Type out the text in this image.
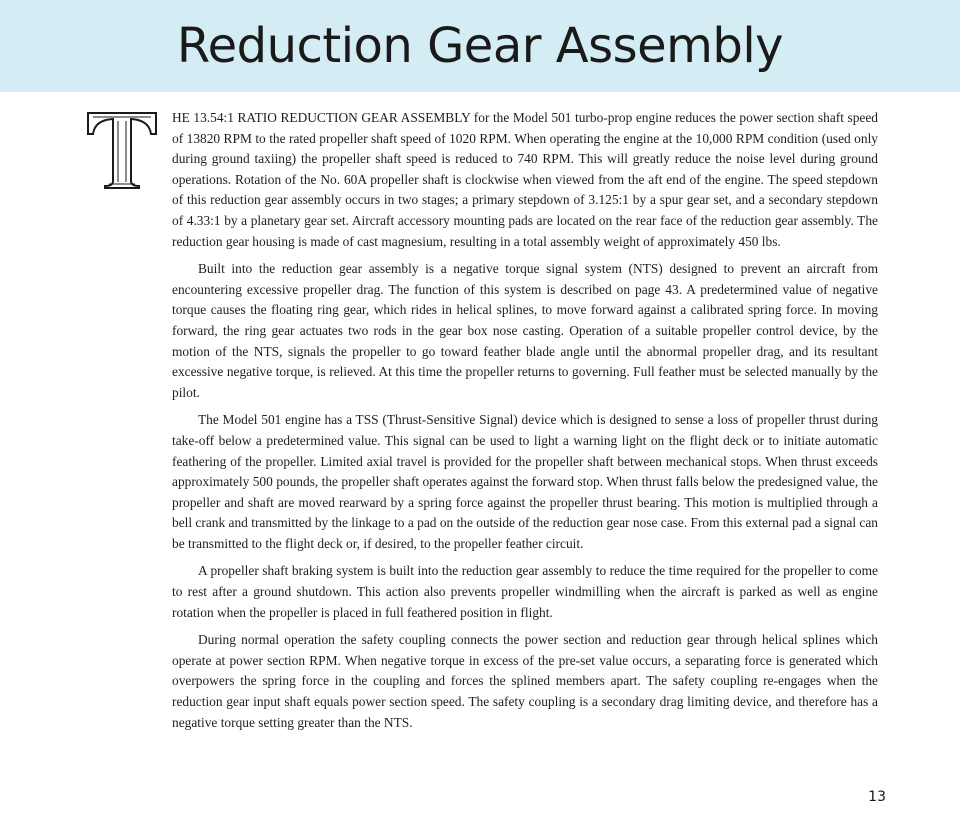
Reduction Gear Assembly

HE 13.54:1 RATIO REDUCTION GEAR ASSEMBLY for the Model 501 turbo-prop engine reduces the power section shaft speed of 13820 RPM to the rated propeller shaft speed of 1020 RPM. When operating the engine at the 10,000 RPM condition (used only during ground taxiing) the propeller shaft speed is reduced to 740 RPM. This will greatly reduce the noise level during ground operations. Rotation of the No. 60A propeller shaft is clockwise when viewed from the aft end of the engine. The speed stepdown of this reduction gear assembly occurs in two stages; a primary stepdown of 3.125:1 by a spur gear set, and a secondary stepdown of 4.33:1 by a planetary gear set. Aircraft accessory mounting pads are located on the rear face of the reduction gear assembly. The reduction gear housing is made of cast magnesium, resulting in a total assembly weight of approximately 450 lbs.

Built into the reduction gear assembly is a negative torque signal system (NTS) designed to prevent an aircraft from encountering excessive propeller drag. The function of this system is described on page 43. A predetermined value of negative torque causes the floating ring gear, which rides in helical splines, to move forward against a calibrated spring force. In moving forward, the ring gear actuates two rods in the gear box nose casting. Operation of a suitable propeller control device, by the motion of the NTS, signals the propeller to go toward feather blade angle until the abnormal propeller drag, and its resultant excessive negative torque, is relieved. At this time the propeller returns to governing. Full feather must be selected manually by the pilot.

The Model 501 engine has a TSS (Thrust-Sensitive Signal) device which is designed to sense a loss of propeller thrust during take-off below a predetermined value. This signal can be used to light a warning light on the flight deck or to initiate automatic feathering of the propeller. Limited axial travel is provided for the propeller shaft between mechanical stops. When thrust exceeds approximately 500 pounds, the propeller shaft operates against the forward stop. When thrust falls below the predesigned value, the propeller and shaft are moved rearward by a spring force against the propeller thrust bearing. This motion is multiplied through a bell crank and transmitted by the linkage to a pad on the outside of the reduction gear nose case. From this external pad a signal can be transmitted to the flight deck or, if desired, to the propeller feather circuit.

A propeller shaft braking system is built into the reduction gear assembly to reduce the time required for the propeller to come to rest after a ground shutdown. This action also prevents propeller windmilling when the aircraft is parked as well as engine rotation when the propeller is placed in full feathered position in flight.

During normal operation the safety coupling connects the power section and reduction gear through helical splines which operate at power section RPM. When negative torque in excess of the pre-set value occurs, a separating force is generated which overpowers the spring force in the coupling and forces the splined members apart. The safety coupling re-engages when the reduction gear input shaft equals power section speed. The safety coupling is a secondary drag limiting device, and therefore has a negative torque setting greater than the NTS.

13
